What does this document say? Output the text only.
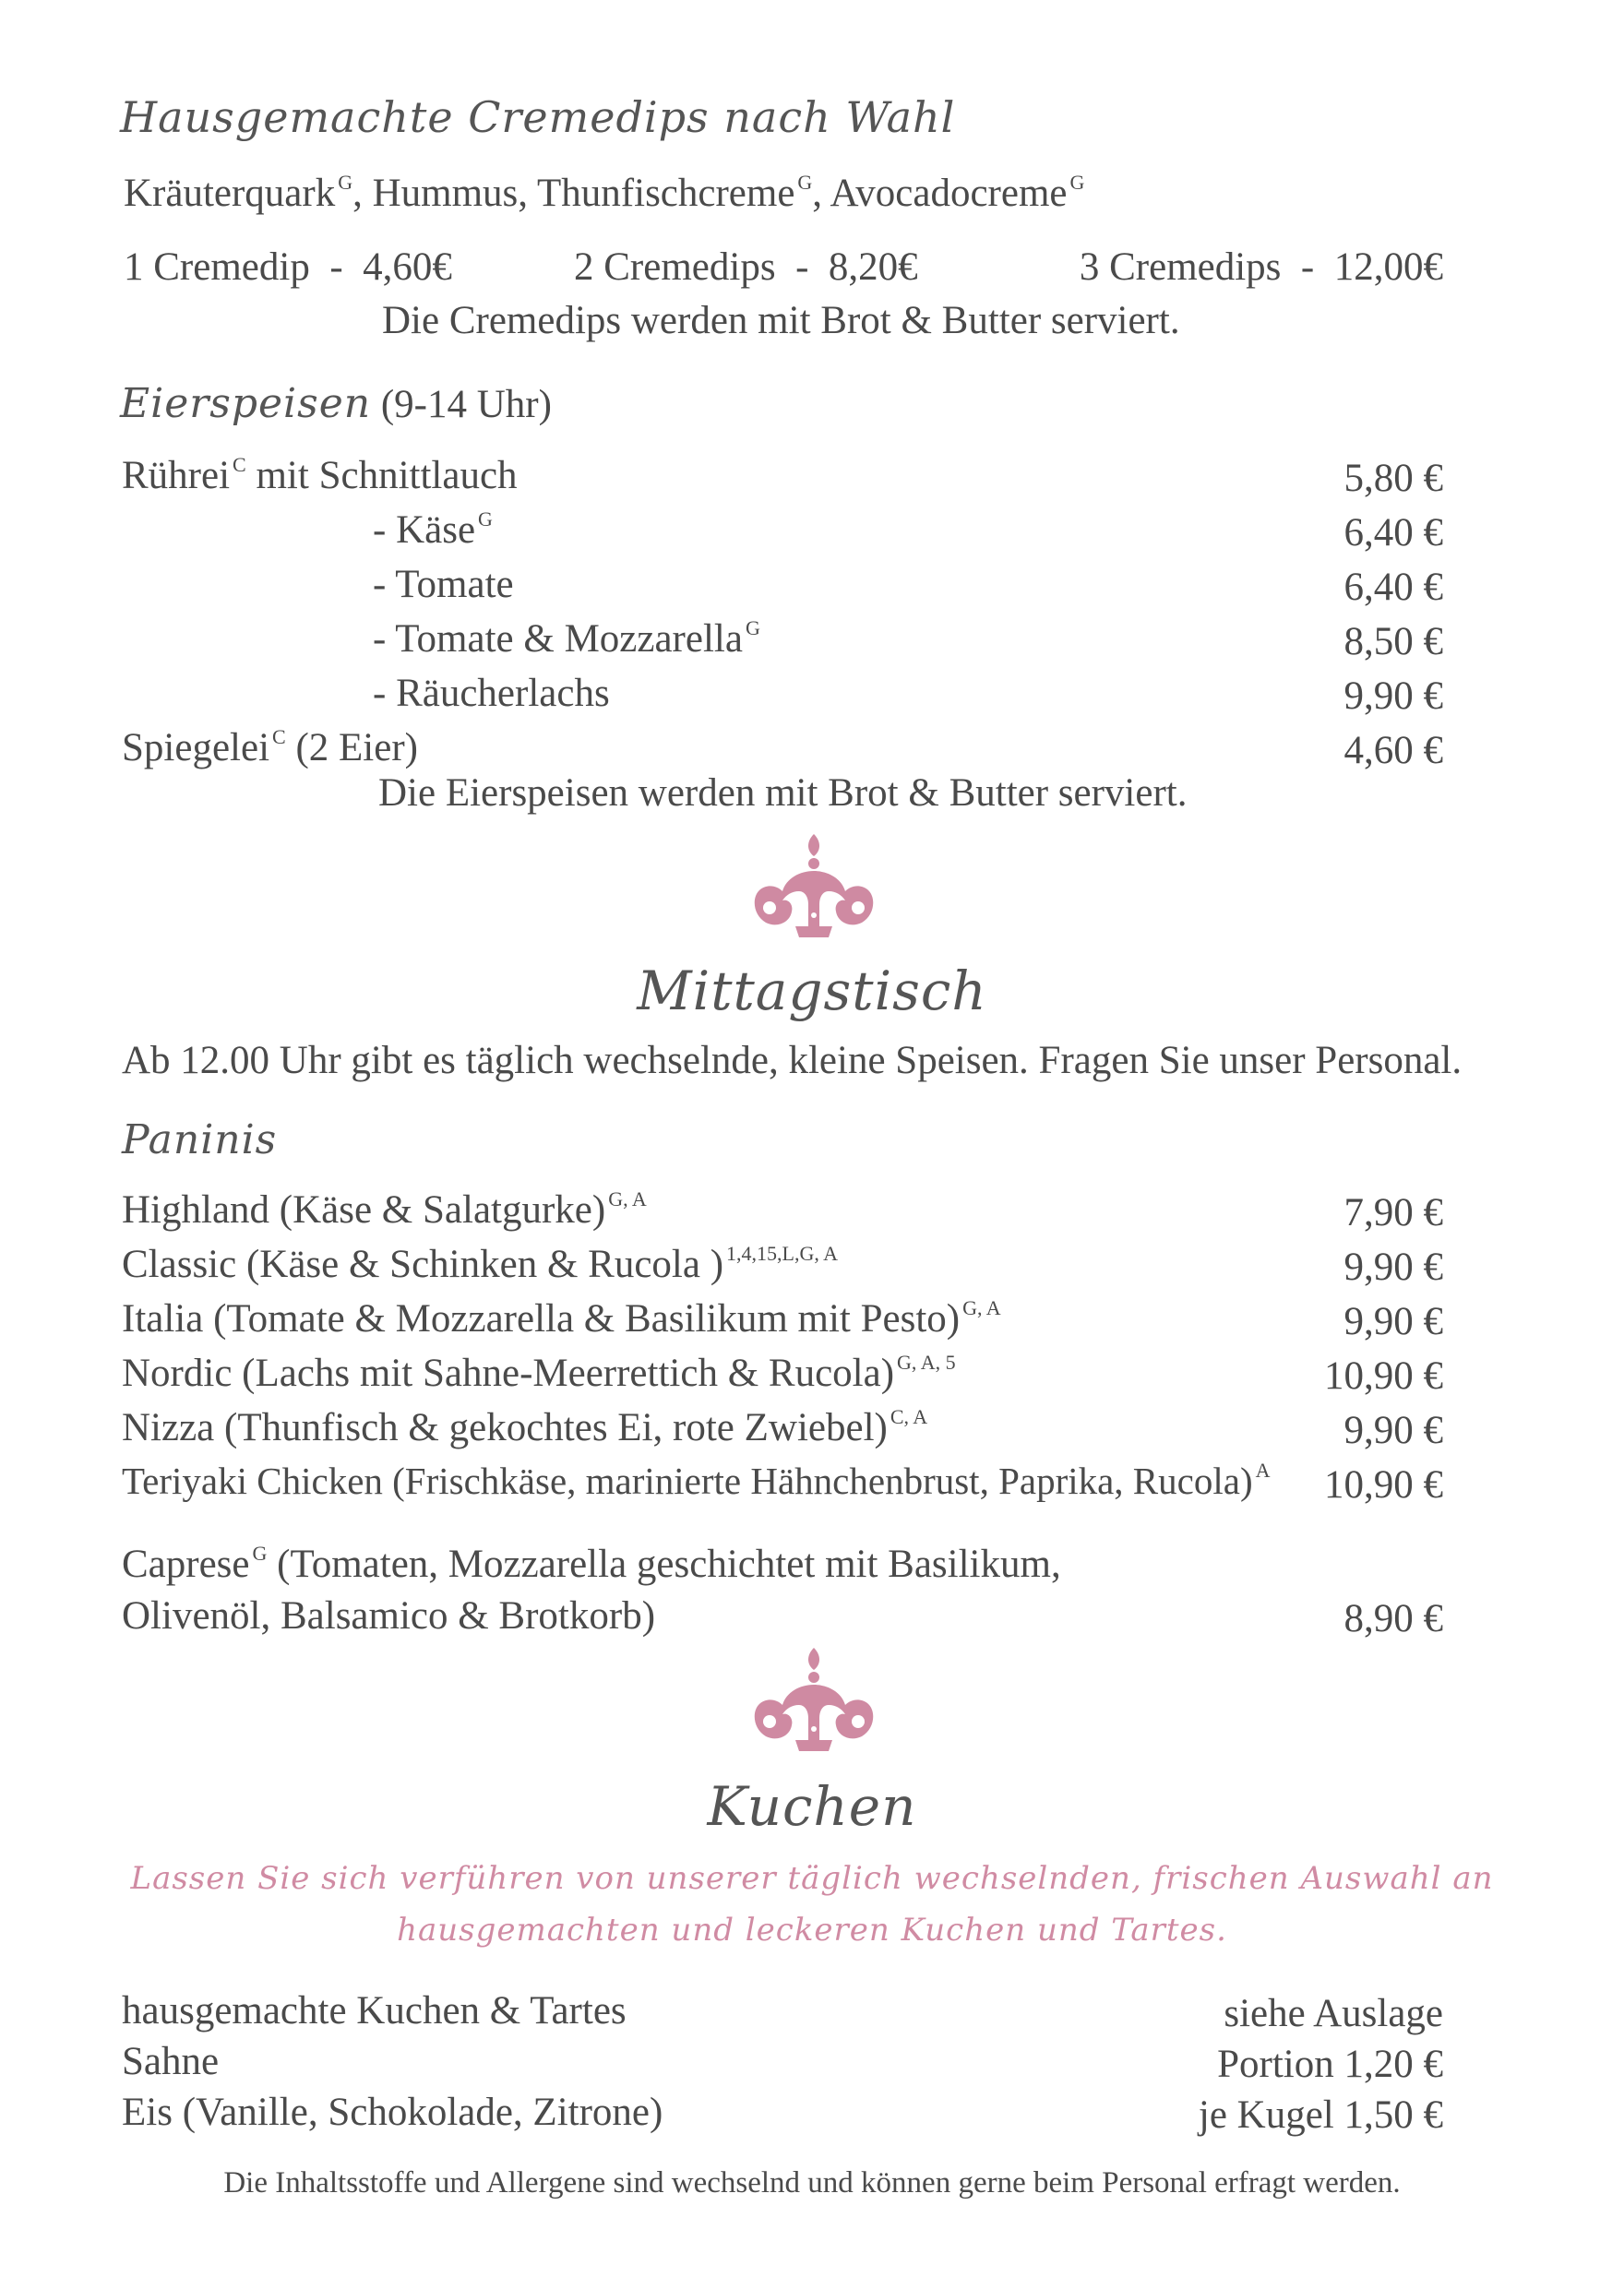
Hausgemachte Cremedips nach Wahl
Kräuterquark $^G$, Hummus, Thunfischcreme $^G$, Avocadocreme $^G$
1 Cremedip  -  4,60€	2 Cremedips  -  8,20€	3 Cremedips  -  12,00€
Die Cremedips werden mit Brot & Butter serviert.
Eierspeisen (9-14 Uhr)
Rührei $^C$ mit Schnittlauch	5,80 €
- Käse $^G$	6,40 €
- Tomate	6,40 €
- Tomate & Mozzarella $^G$	8,50 €
- Räucherlachs	9,90 €
Spiegelei $^C$ (2 Eier)	4,60 €
Die Eierspeisen werden mit Brot & Butter serviert.
Mittagstisch
Ab 12.00 Uhr gibt es täglich wechselnde, kleine Speisen. Fragen Sie unser Personal.
Paninis
Highland (Käse & Salatgurke) $^{G, A}$	7,90 €
Classic (Käse & Schinken & Rucola ) $^{1,4,15,L,G, A}$	9,90 €
Italia (Tomate & Mozzarella & Basilikum mit Pesto) $^{G, A}$	9,90 €
Nordic (Lachs mit Sahne-Meerrettich & Rucola) $^{G, A, 5}$	10,90 €
Nizza (Thunfisch & gekochtes Ei, rote Zwiebel) $^{C, A}$	9,90 €
Teriyaki Chicken (Frischkäse, marinierte Hähnchenbrust, Paprika, Rucola) $^A$ 10,90 €
Caprese $^G$ (Tomaten, Mozzarella geschichtet mit Basilikum,
Olivenöl, Balsamico & Brotkorb)	8,90 €
Kuchen
Lassen Sie sich verführen von unserer täglich wechselnden, frischen Auswahl an
hausgemachten und leckeren Kuchen und Tartes.
hausgemachte Kuchen & Tartes	siehe Auslage
Sahne	Portion 1,20 €
Eis (Vanille, Schokolade, Zitrone)	je Kugel 1,50 €
Die Inhaltsstoffe und Allergene sind wechselnd und können gerne beim Personal erfragt werden.
